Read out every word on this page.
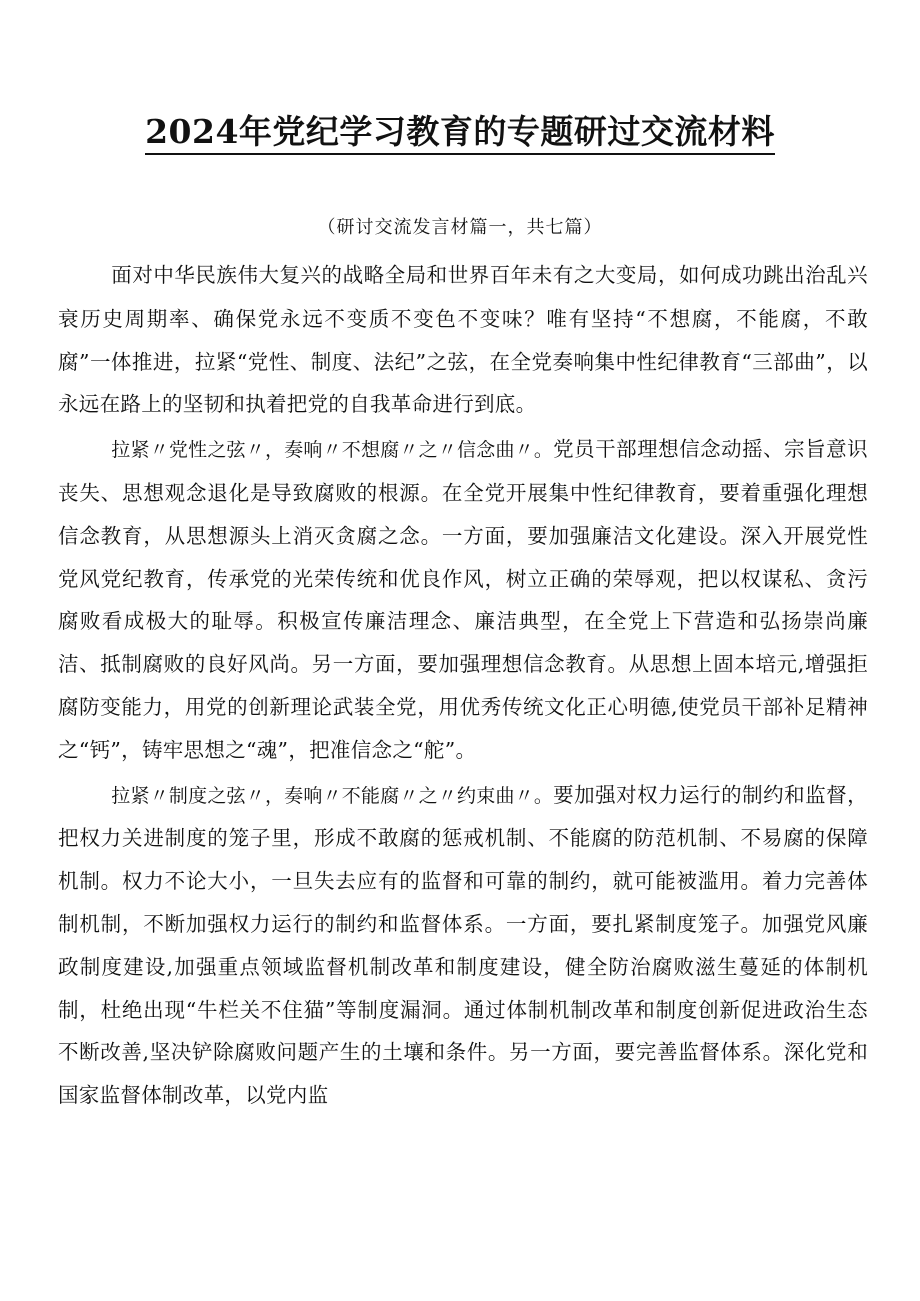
2024年党纪学习教育的专题研过交流材料
（研讨交流发言材篇一，共七篇）

面对中华民族伟大复兴的战略全局和世界百年未有之大变局，如何成功跳出治乱兴衰历史周期率、确保党永远不变质不变色不变味？唯有坚持“不想腐，不能腐，不敢腐”一体推进，拉紧“党性、制度、法纪”之弦，在全党奏响集中性纪律教育“三部曲”，以永远在路上的坚韧和执着把党的自我革命进行到底。

拉紧〃党性之弦〃，奏响〃不想腐〃之〃信念曲〃。党员干部理想信念动摇、宗旨意识丧失、思想观念退化是导致腐败的根源。在全党开展集中性纪律教育，要着重强化理想信念教育，从思想源头上消灭贪腐之念。一方面，要加强廉洁文化建设。深入开展党性党风党纪教育，传承党的光荣传统和优良作风，树立正确的荣辱观，把以权谋私、贪污腐败看成极大的耻辱。积极宣传廉洁理念、廉洁典型，在全党上下营造和弘扬崇尚廉洁、抵制腐败的良好风尚。另一方面，要加强理想信念教育。从思想上固本培元,增强拒腐防变能力，用党的创新理论武装全党，用优秀传统文化正心明德,使党员干部补足精神之“钙”，铸牢思想之“魂”，把准信念之“舵”。

拉紧〃制度之弦〃，奏响〃不能腐〃之〃约束曲〃。要加强对权力运行的制约和监督，把权力关进制度的笼子里，形成不敢腐的惩戒机制、不能腐的防范机制、不易腐的保障机制。权力不论大小，一旦失去应有的监督和可靠的制约，就可能被滥用。着力完善体制机制，不断加强权力运行的制约和监督体系。一方面，要扎紧制度笼子。加强党风廉政制度建设,加强重点领域监督机制改革和制度建设，健全防治腐败滋生蔓延的体制机制，杜绝出现“牛栏关不住猫”等制度漏洞。通过体制机制改革和制度创新促进政治生态不断改善,坚决铲除腐败问题产生的土壤和条件。另一方面，要完善监督体系。深化党和国家监督体制改革，以党内监
